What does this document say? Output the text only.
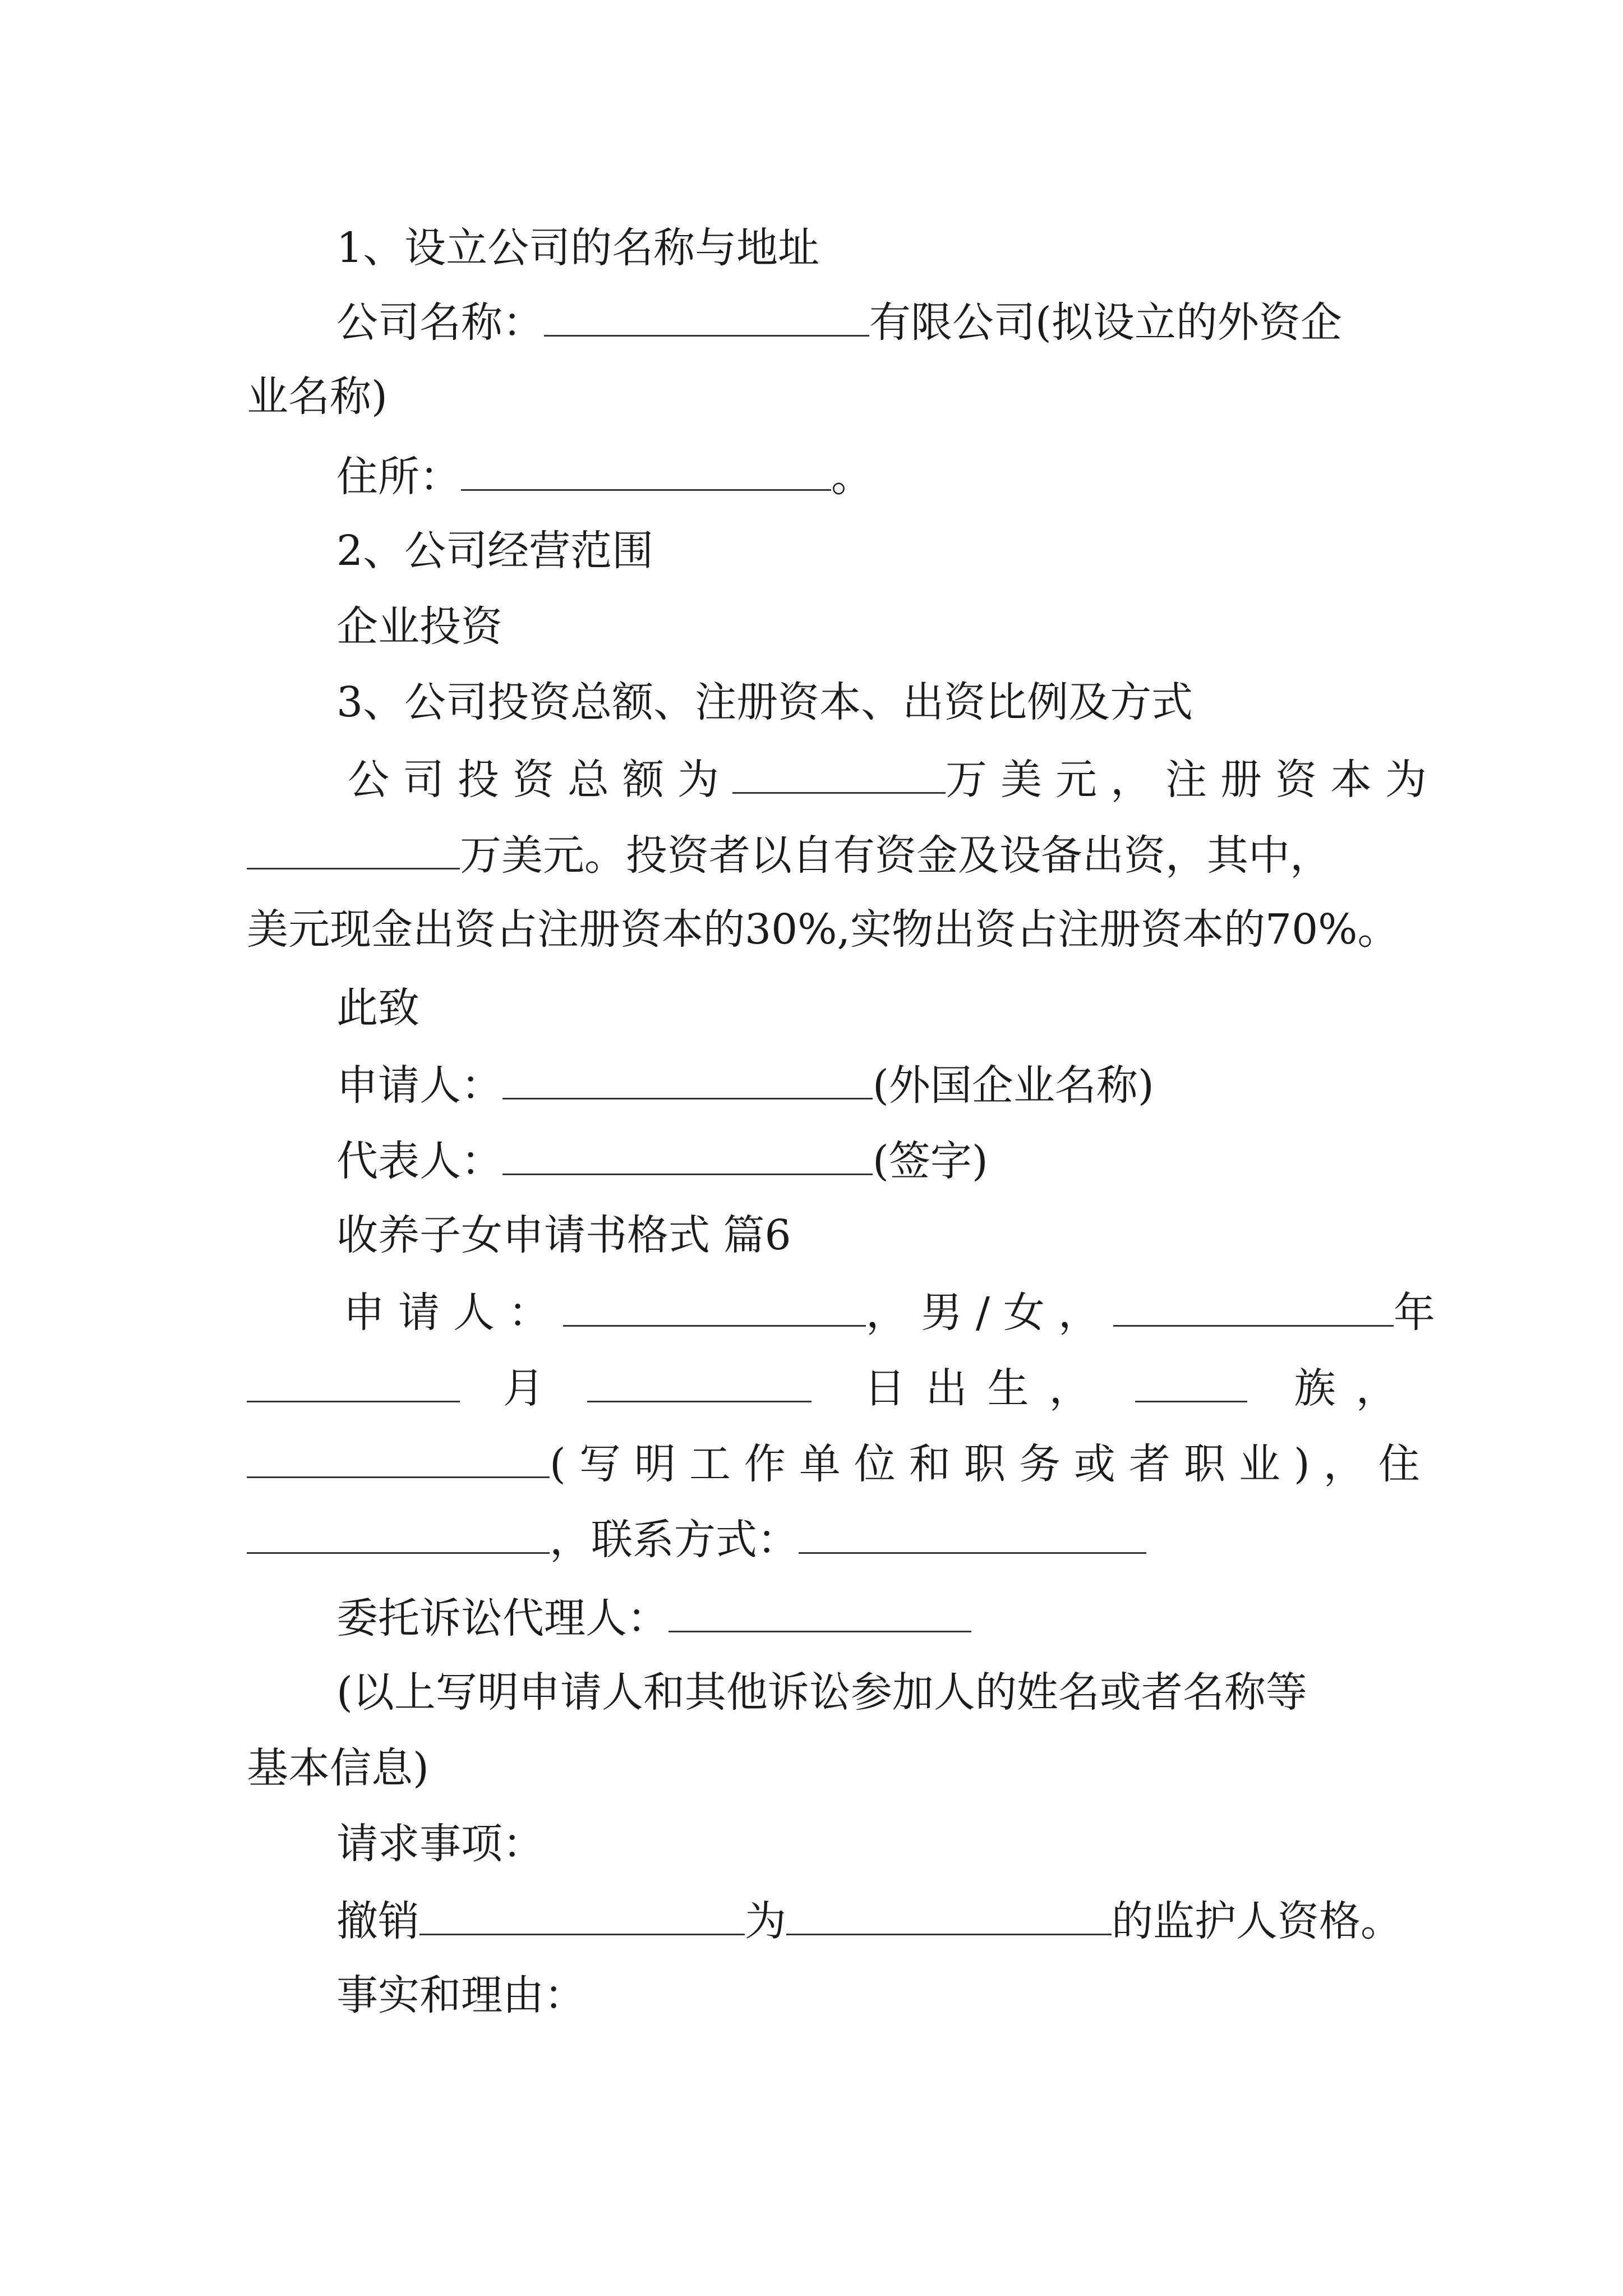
1、设立公司的名称与地址
公司名称：	有限公司(拟设立的外资企
业名称)
住所：	。
2、公司经营范围
企业投资
3、公司投资总额、注册资本、出资比例及方式
公司投资总额为	万美元，注册资本为
万美元。投资者以自有资金及设备出资，其中，
美元现金出资占注册资本的30%,实物出资占注册资本的70%。
此致
申请人：	(外国企业名称)
代表人：	(签字)
收养子女申请书格式 篇6
申请人：	，男/女，	年
月	日出生，	族，
(写明工作单位和职务或者职业)，住
，联系方式：
委托诉讼代理人：
(以上写明申请人和其他诉讼参加人的姓名或者名称等
基本信息)
请求事项：
撤销	为	的监护人资格。
事实和理由：
